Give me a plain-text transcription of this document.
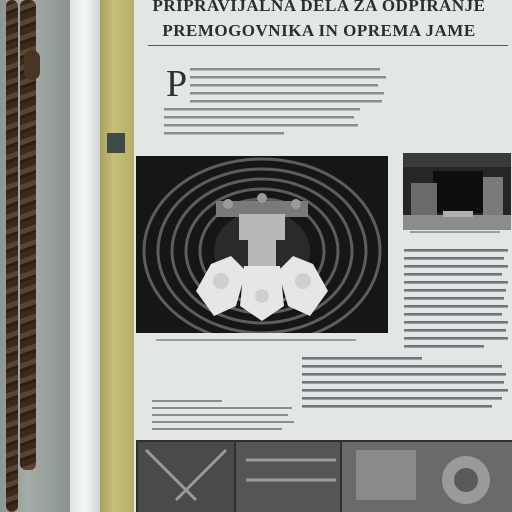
PRIPRAVIJALNA DELA ZA ODPIRANJE
PREMOGOVNIKA IN OPREMA JAME
P
